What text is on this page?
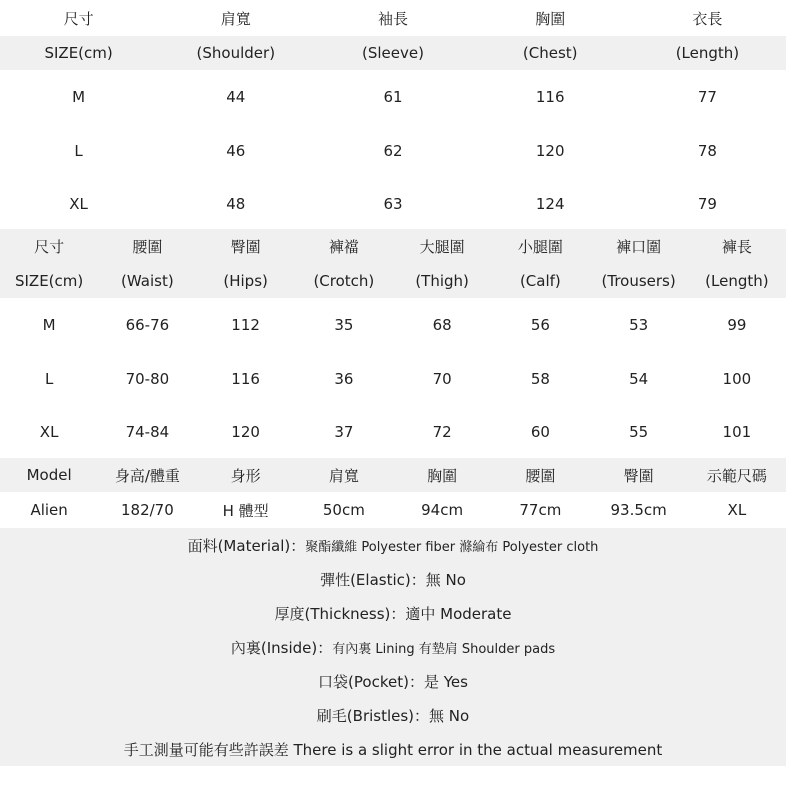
尺寸	肩寬	袖長	胸圍	衣長
SIZE(cm)	(Shoulder)	(Sleeve)	(Chest)	(Length)
M	44	61	116	77
L	46	62	120	78
XL	48	63	124	79
尺寸	腰圍	臀圍	褲襠	大腿圍	小腿圍	褲口圍	褲長
SIZE(cm)	(Waist)	(Hips)	(Crotch)	(Thigh)	(Calf)	(Trousers)	(Length)
M	66-76	112	35	68	56	53	99
L	70-80	116	36	70	58	54	100
XL	74-84	120	37	72	60	55	101
Model	身高/體重	身形	肩寬	胸圍	腰圍	臀圍	示範尺碼
Alien	182/70	H 體型	50cm	94cm	77cm	93.5cm	XL
面料(Material)： 聚酯纖維 Polyester fiber 滌綸布 Polyester cloth
彈性(Elastic)：無 No
厚度(Thickness)：適中 Moderate
內裏(Inside)： 有內裏 Lining 有墊肩 Shoulder pads
口袋(Pocket)：是 Yes
刷毛(Bristles)：無 No
手工測量可能有些許誤差 There is a slight error in the actual measurement
